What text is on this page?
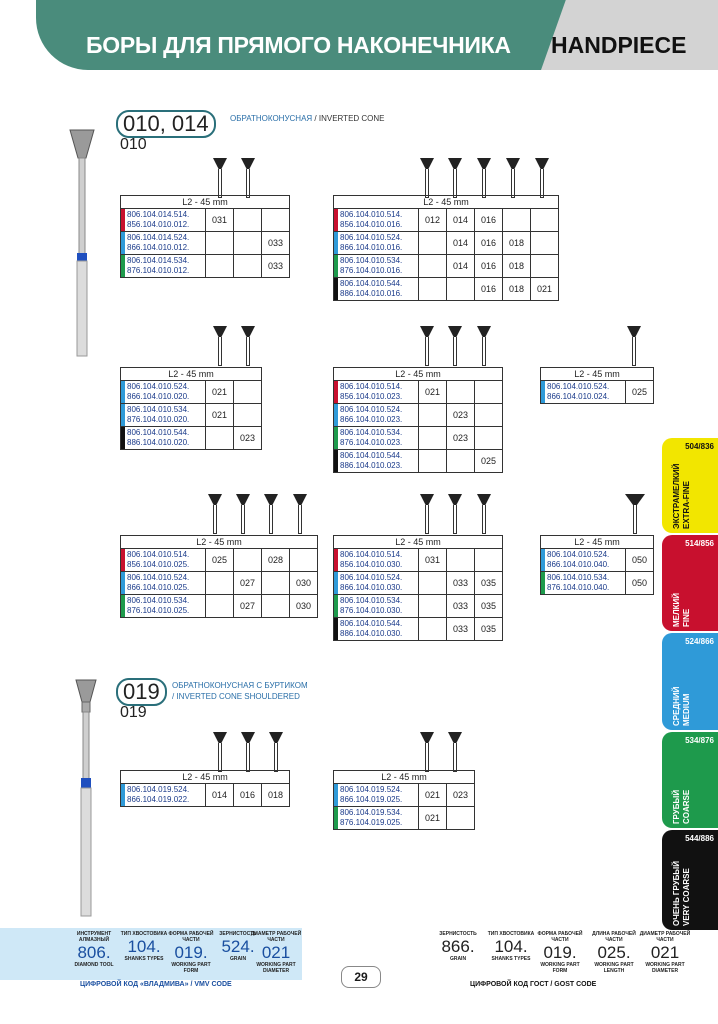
БОРЫ ДЛЯ ПРЯМОГО НАКОНЕЧНИКА	HANDPIECE
010, 014
010
ОБРАТНОКОНУСНАЯ / INVERTED CONE
019
019
ОБРАТНОКОНУСНАЯ С БУРТИКОМ
/ INVERTED CONE SHOULDERED
L2 - 45 mm			

806.104.014.514.
856.104.010.012.	031		

806.104.014.524.
866.104.010.012.			033

806.104.014.534.
876.104.010.012.			033
L2 - 45 mm					

806.104.010.514.
856.104.010.016.	012	014	016		

806.104.010.524.
866.104.010.016.		014	016	018	

806.104.010.534.
876.104.010.016.		014	016	018	

806.104.010.544.
886.104.010.016.			016	018	021
L2 - 45 mm		

806.104.010.524.
866.104.010.020.	021	

806.104.010.534.
876.104.010.020.	021	

806.104.010.544.
886.104.010.020.		023
L2 - 45 mm			

806.104.010.514.
856.104.010.023.	021		

806.104.010.524.
866.104.010.023.		023	

806.104.010.534.
876.104.010.023.		023	

806.104.010.544.
886.104.010.023.			025
L2 - 45 mm

806.104.010.524.
866.104.010.024.	025
L2 - 45 mm				

806.104.010.514.
856.104.010.025.	025		028	

806.104.010.524.
866.104.010.025.		027		030

806.104.010.534.
876.104.010.025.		027		030
L2 - 45 mm			

806.104.010.514.
856.104.010.030.	031		

806.104.010.524.
866.104.010.030.		033	035

806.104.010.534.
876.104.010.030.		033	035

806.104.010.544.
886.104.010.030.		033	035
L2 - 45 mm	

806.104.010.524.
866.104.010.040.	050

806.104.010.534.
876.104.010.040.	050
L2 - 45 mm

806.104.019.524.
866.104.019.022.	014	016	018
L2 - 45 mm		

806.104.019.524.
866.104.019.025.	021	023

806.104.019.534.
876.104.019.025.	021	
504/836
ЭКСТРАМЕЛКИЙ EXTRA-FINE
514/856
МЕЛКИЙ FINE
524/866
СРЕДНИЙ MEDIUM
534/876
ГРУБЫЙ COARSE
544/886
ОЧЕНЬ ГРУБЫЙ VERY COARSE
ИНСТРУМЕНТ АЛМАЗНЫЙ
806.
DIAMOND TOOL
ТИП ХВОСТОВИКА
104.
SHANKS TYPES
ФОРМА РАБОЧЕЙ ЧАСТИ
019.
WORKING PART FORM
ЗЕРНИСТОСТЬ
524.
GRAIN
ДИАМЕТР РАБОЧЕЙ ЧАСТИ
021
WORKING PART DIAMETER
ЗЕРНИСТОСТЬ
866.
GRAIN
ТИП ХВОСТОВИКА
104.
SHANKS TYPES
ФОРМА РАБОЧЕЙ ЧАСТИ
019.
WORKING PART FORM
ДЛИНА РАБОЧЕЙ ЧАСТИ
025.
WORKING PART LENGTH
ДИАМЕТР РАБОЧЕЙ ЧАСТИ
021
WORKING PART DIAMETER
29
ЦИФРОВОЙ КОД «ВЛАДМИВА» / VMV CODE	ЦИФРОВОЙ КОД ГОСТ / GOST CODE
